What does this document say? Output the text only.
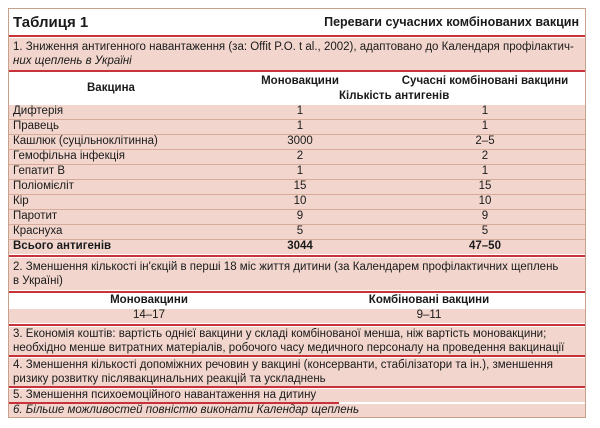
Таблиця 1	Переваги сучасних комбінованих вакцин
1. Зниження антигенного навантаження (за: Offit P.O. t al., 2002), адаптовано до Календаря профілактич-
них щеплень в Україні
Вакцина
Моновакцини	Сучасні комбіновані вакцини
Кількість антигенів
Дифтерія	1	1
Правець	1	1
Кашлюк (суцільноклітинна)	3000	2–5
Гемофільна інфекція	2	2
Гепатит В	1	1
Поліомієліт	15	15
Кір	10	10
Паротит	9	9
Краснуха	5	5
Всього антигенів	3044	47–50
2. Зменшення кількості ін'єкцій в перші 18 міс життя дитини (за Календарем профілактичних щеплень
в Україні)
Моновакцини	Комбіновані вакцини
14–17	9–11
3. Економія коштів: вартість однієї вакцини у складі комбінованої менша, ніж вартість моновакцини;
необхідно менше витратних матеріалів, робочого часу медичного персоналу на проведення вакцинації
4. Зменшення кількості допоміжних речовин у вакцині (консерванти, стабілізатори та ін.), зменшення
ризику розвитку післявакцинальних реакцій та ускладнень
5. Зменшення психоемоційного навантаження на дитину
6. Більше можливостей повністю виконати Календар щеплень
